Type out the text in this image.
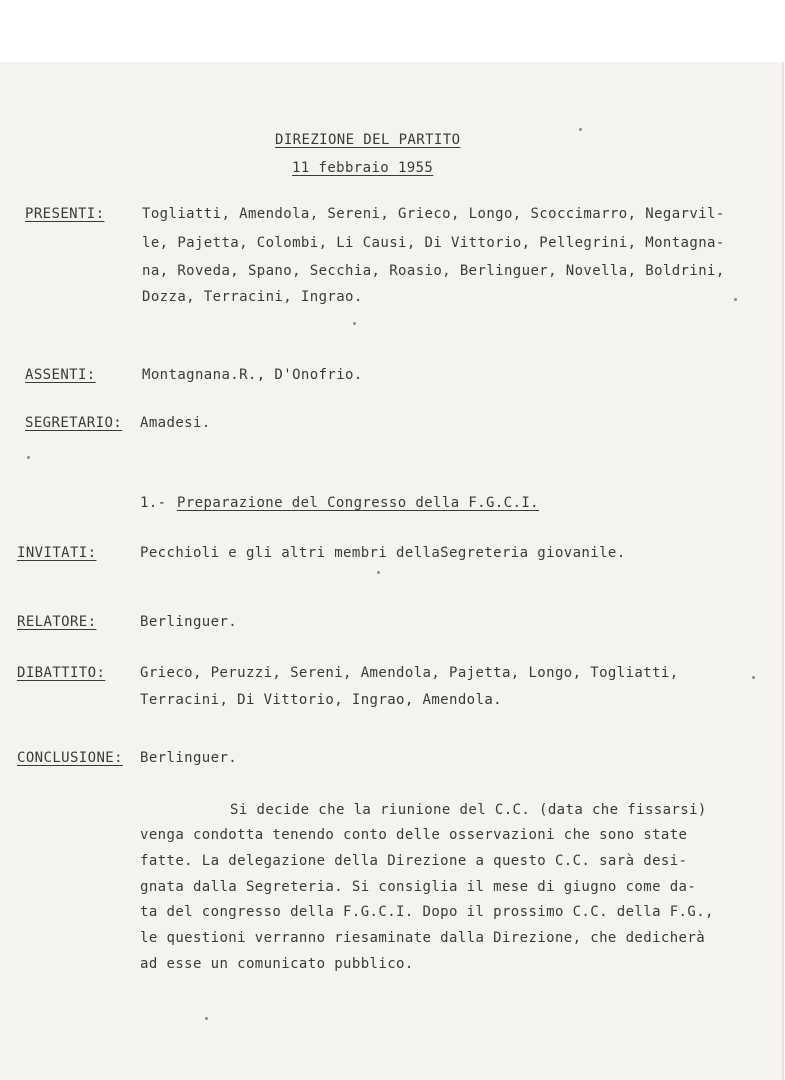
DIREZIONE DEL PARTITO
11 febbraio 1955
PRESENTI:	Togliatti, Amendola, Sereni, Grieco, Longo, Scoccimarro, Negarvil-
le, Pajetta, Colombi, Li Causi, Di Vittorio, Pellegrini, Montagna-
na, Roveda, Spano, Secchia, Roasio, Berlinguer, Novella, Boldrini,
Dozza, Terracini, Ingrao.
ASSENTI:	Montagnana.R., D'Onofrio.
SEGRETARIO: Amadesi.
1.- Preparazione del Congresso della F.G.C.I.
INVITATI:	Pecchioli e gli altri membri dellaSegreteria giovanile.
RELATORE:	Berlinguer.
DIBATTITO: Grieco, Peruzzi, Sereni, Amendola, Pajetta, Longo, Togliatti,
Terracini, Di Vittorio, Ingrao, Amendola.
CONCLUSIONE: Berlinguer.
Si decide che la riunione del C.C. (data che fissarsi)
venga condotta tenendo conto delle osservazioni che sono state
fatte. La delegazione della Direzione a questo C.C. sarà desi-
gnata dalla Segreteria. Si consiglia il mese di giugno come da-
ta del congresso della F.G.C.I. Dopo il prossimo C.C. della F.G.,
le questioni verranno riesaminate dalla Direzione, che dedicherà
ad esse un comunicato pubblico.
